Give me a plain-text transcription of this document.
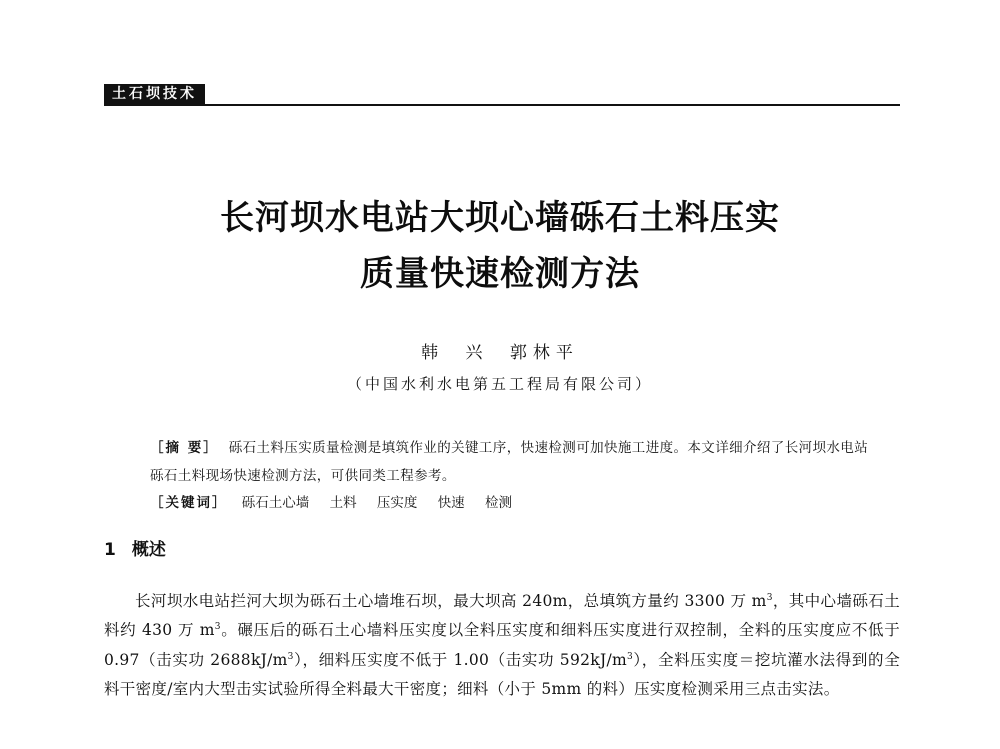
土石坝技术
长河坝水电站大坝心墙砾石土料压实
质量快速检测方法
韩 兴 郭林平
（中国水利水电第五工程局有限公司）
［摘 要］ 砾石土料压实质量检测是填筑作业的关键工序，快速检测可加快施工进度。本文详细介绍了长河坝水电站砾石土料现场快速检测方法，可供同类工程参考。
［关键词］ 砾石土心墙 土料 压实度 快速 检测
1 概述
长河坝水电站拦河大坝为砾石土心墙堆石坝，最大坝高 240m，总填筑方量约 3300 万 $m^3$，其中心墙砾石土料约 430 万 $m^3$。碾压后的砾石土心墙料压实度以全料压实度和细料压实度进行双控制，全料的压实度应不低于 0.97（击实功 $2688kJ/m^3$），细料压实度不低于 1.00（击实功 $592kJ/m^3$），全料压实度＝挖坑灌水法得到的全料干密度/室内大型击实试验所得全料最大干密度；细料（小于 5mm 的料）压实度检测采用三点击实法。
